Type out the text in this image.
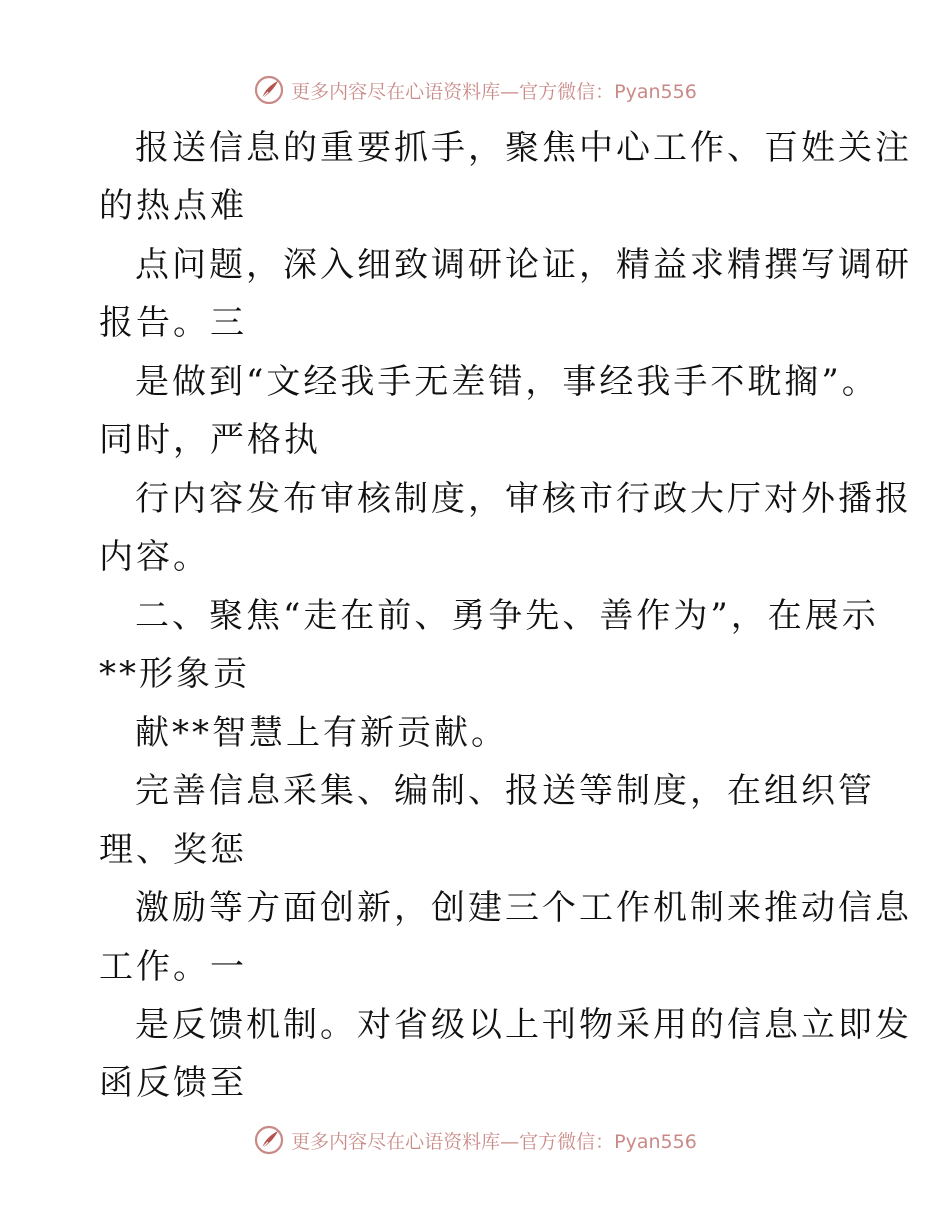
更多内容尽在心语资料库—官方微信：Pyan556
报送信息的重要抓手，聚焦中心工作、百姓关注
的热点难
点问题，深入细致调研论证，精益求精撰写调研
报告。三
是做到“文经我手无差错，事经我手不耽搁”。
同时，严格执
行内容发布审核制度，审核市行政大厅对外播报
内容。
二、聚焦“走在前、勇争先、善作为”，在展示
**形象贡
献**智慧上有新贡献。
完善信息采集、编制、报送等制度，在组织管
理、奖惩
激励等方面创新，创建三个工作机制来推动信息
工作。一
是反馈机制。对省级以上刊物采用的信息立即发
函反馈至
更多内容尽在心语资料库—官方微信：Pyan556
